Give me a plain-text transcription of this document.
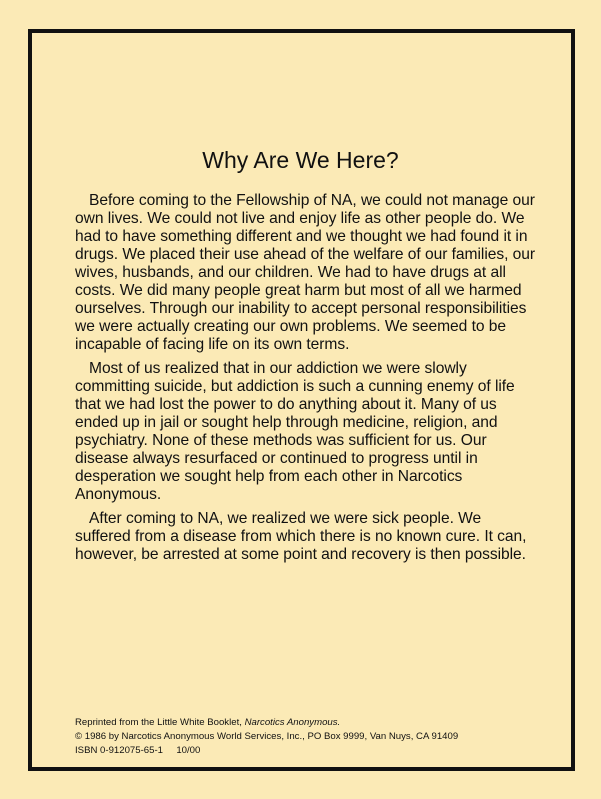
Why Are We Here?

Before coming to the Fellowship of NA, we could not manage our own lives. We could not live and enjoy life as other people do. We had to have something different and we thought we had found it in drugs. We placed their use ahead of the welfare of our families, our wives, husbands, and our children. We had to have drugs at all costs. We did many people great harm but most of all we harmed ourselves. Through our inability to accept personal responsibilities we were actually creating our own problems. We seemed to be incapable of facing life on its own terms.

Most of us realized that in our addiction we were slowly committing suicide, but addiction is such a cunning enemy of life that we had lost the power to do anything about it. Many of us ended up in jail or sought help through medicine, religion, and psychiatry. None of these methods was sufficient for us. Our disease always resurfaced or continued to progress until in desperation we sought help from each other in Narcotics Anonymous.

After coming to NA, we realized we were sick people. We suffered from a disease from which there is no known cure. It can, however, be arrested at some point and recovery is then possible.

Reprinted from the Little White Booklet, Narcotics Anonymous.
© 1986 by Narcotics Anonymous World Services, Inc., PO Box 9999, Van Nuys, CA 91409
ISBN 0-912075-65-1     10/00
